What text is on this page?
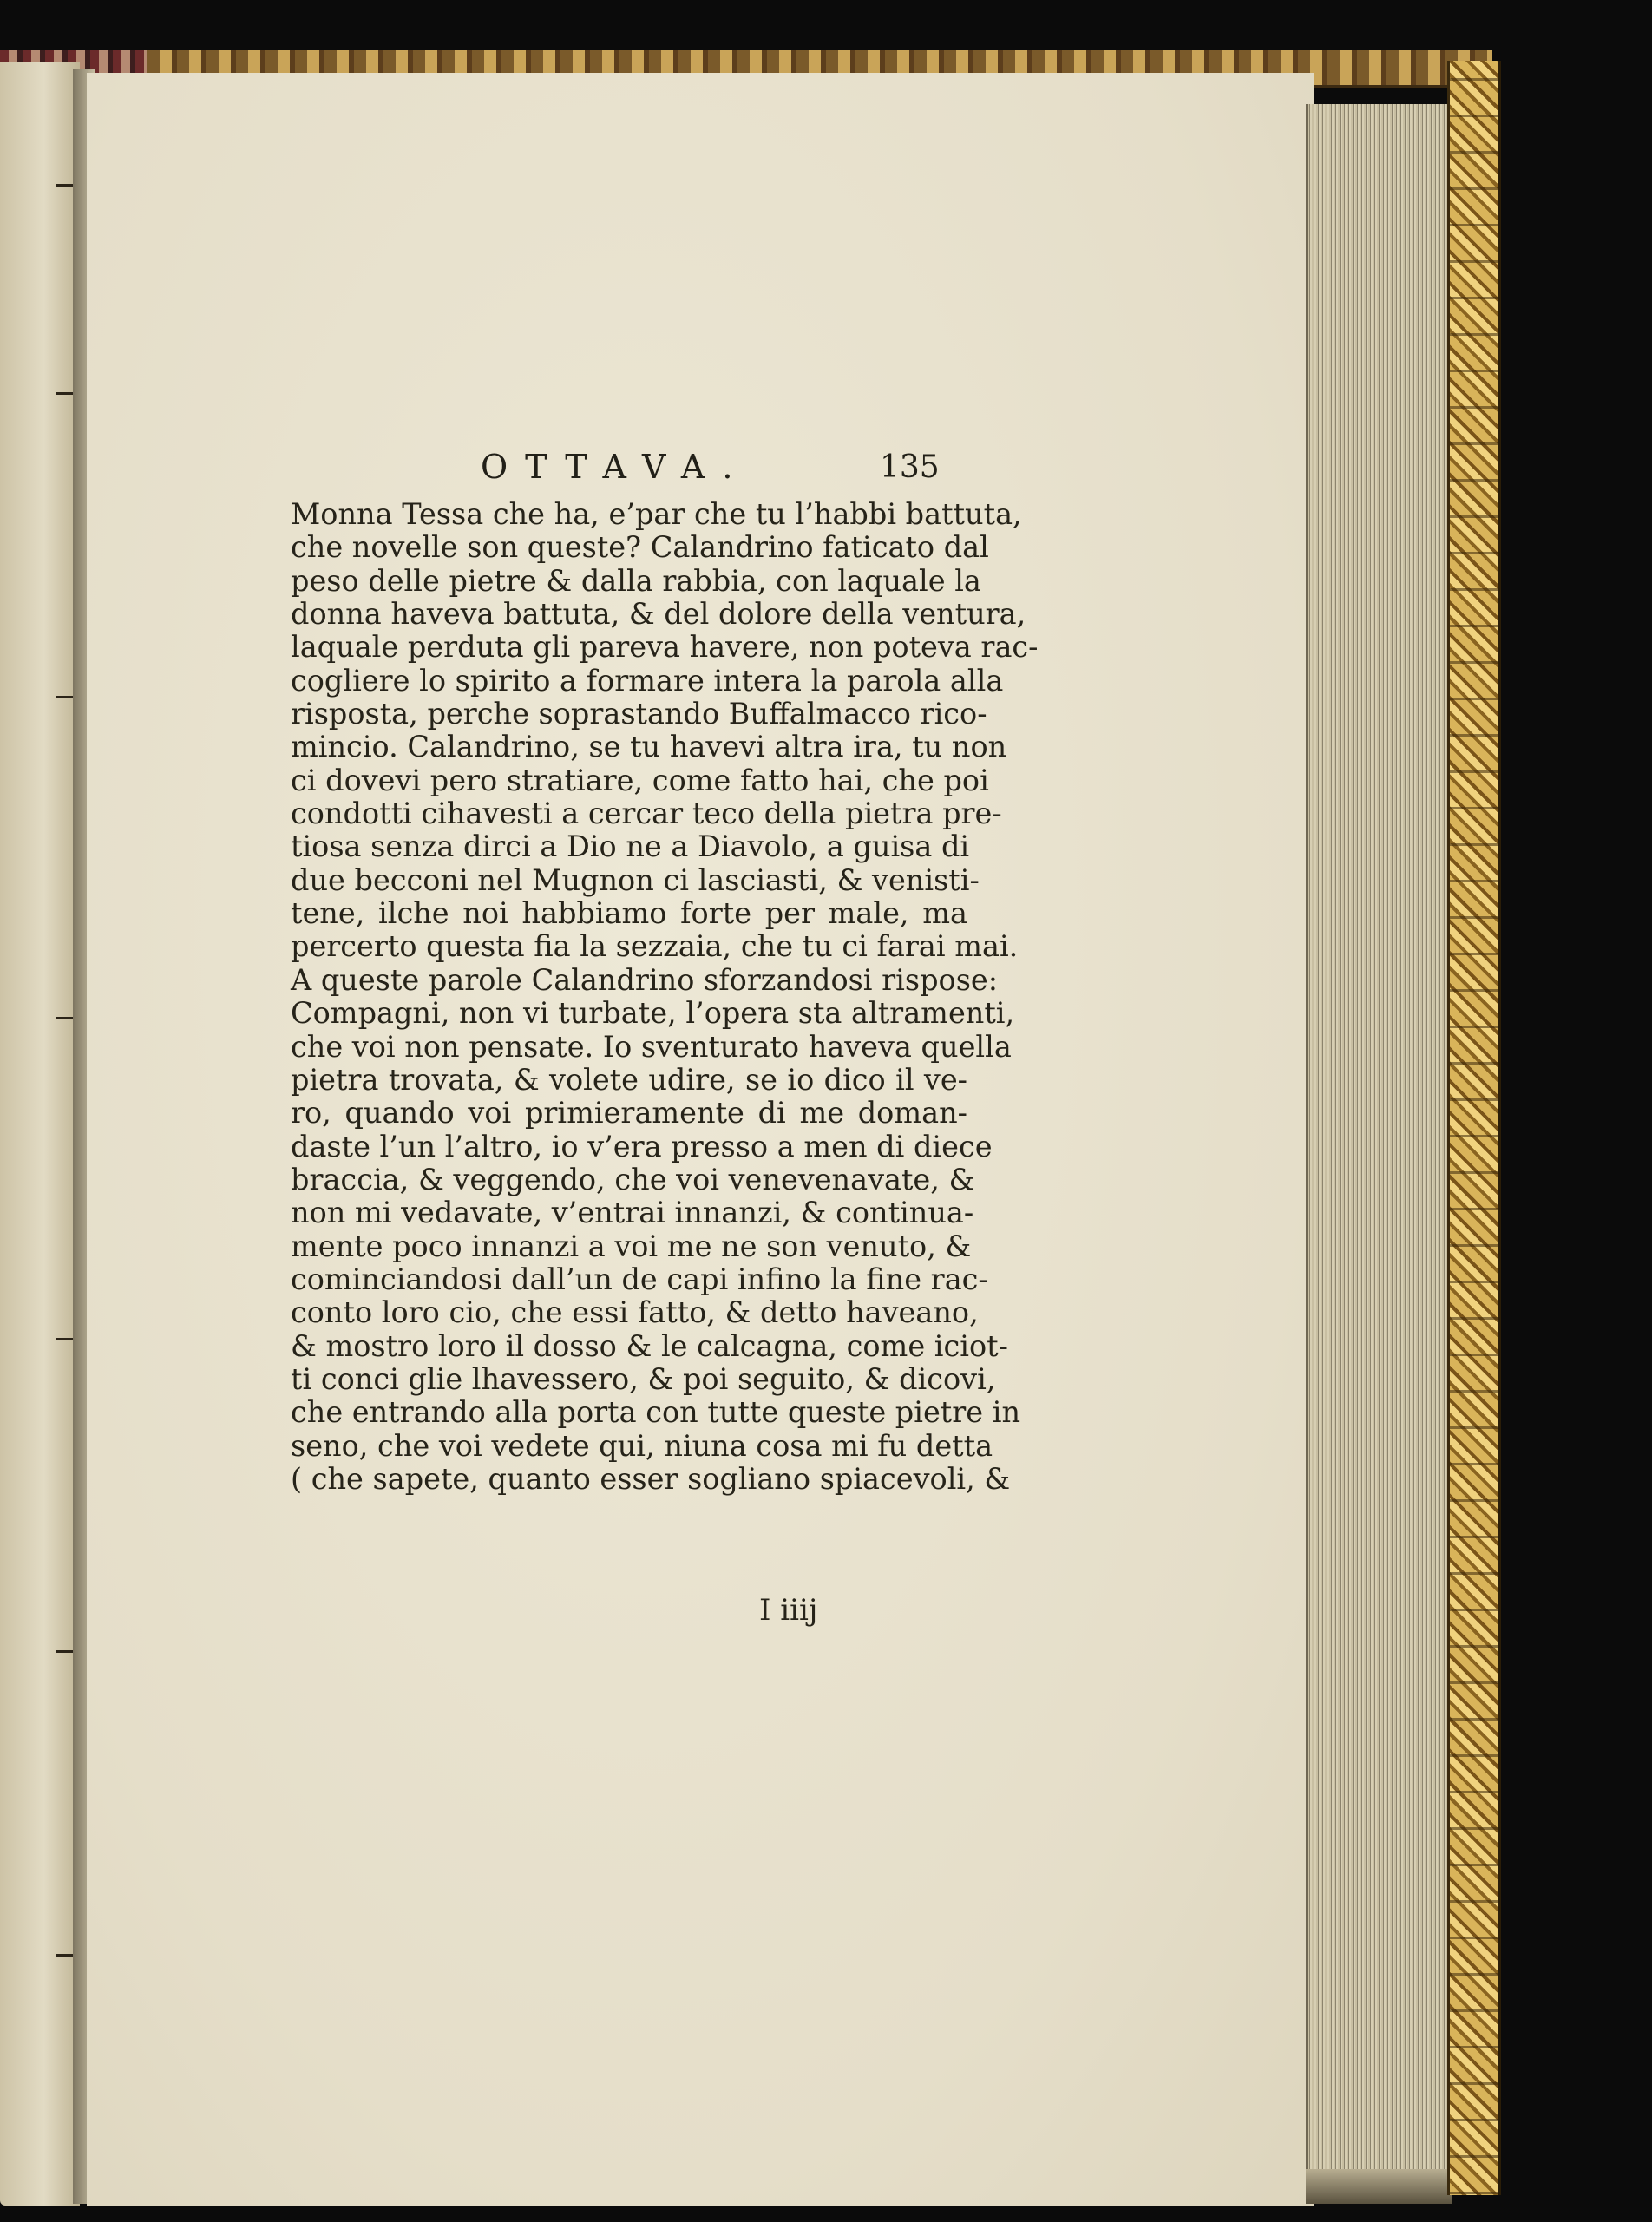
OTTAVA.	135
Monna Tessa che ha, e’par che tu l’habbi battuta,
che novelle son queste? Calandrino faticato dal
peso delle pietre & dalla rabbia, con laquale la
donna haveva battuta, & del dolore della ventura,
laquale perduta gli pareva havere, non poteva rac-
cogliere lo spirito a formare intera la parola alla
risposta, perche soprastando Buffalmacco rico-
mincio. Calandrino, se tu havevi altra ira, tu non
ci dovevi pero stratiare, come fatto hai, che poi
condotti cihavesti a cercar teco della pietra pre-
tiosa senza dirci a Dio ne a Diavolo, a guisa di
due becconi nel Mugnon ci lasciasti, & venisti-
tene, ilche noi habbiamo forte per male, ma
percerto questa fia la sezzaia, che tu ci farai mai.
A queste parole Calandrino sforzandosi rispose:
Compagni, non vi turbate, l’opera sta altramenti,
che voi non pensate. Io sventurato haveva quella
pietra trovata, & volete udire, se io dico il ve-
ro, quando voi primieramente di me doman-
daste l’un l’altro, io v’era presso a men di diece
braccia, & veggendo, che voi venevenavate, &
non mi vedavate, v’entrai innanzi, & continua-
mente poco innanzi a voi me ne son venuto, &
cominciandosi dall’un de capi infino la fine rac-
conto loro cio, che essi fatto, & detto haveano,
& mostro loro il dosso & le calcagna, come iciot-
ti conci glie lhavessero, & poi seguito, & dicovi,
che entrando alla porta con tutte queste pietre in
seno, che voi vedete qui, niuna cosa mi fu detta
( che sapete, quanto esser sogliano spiacevoli, &
I iiij
